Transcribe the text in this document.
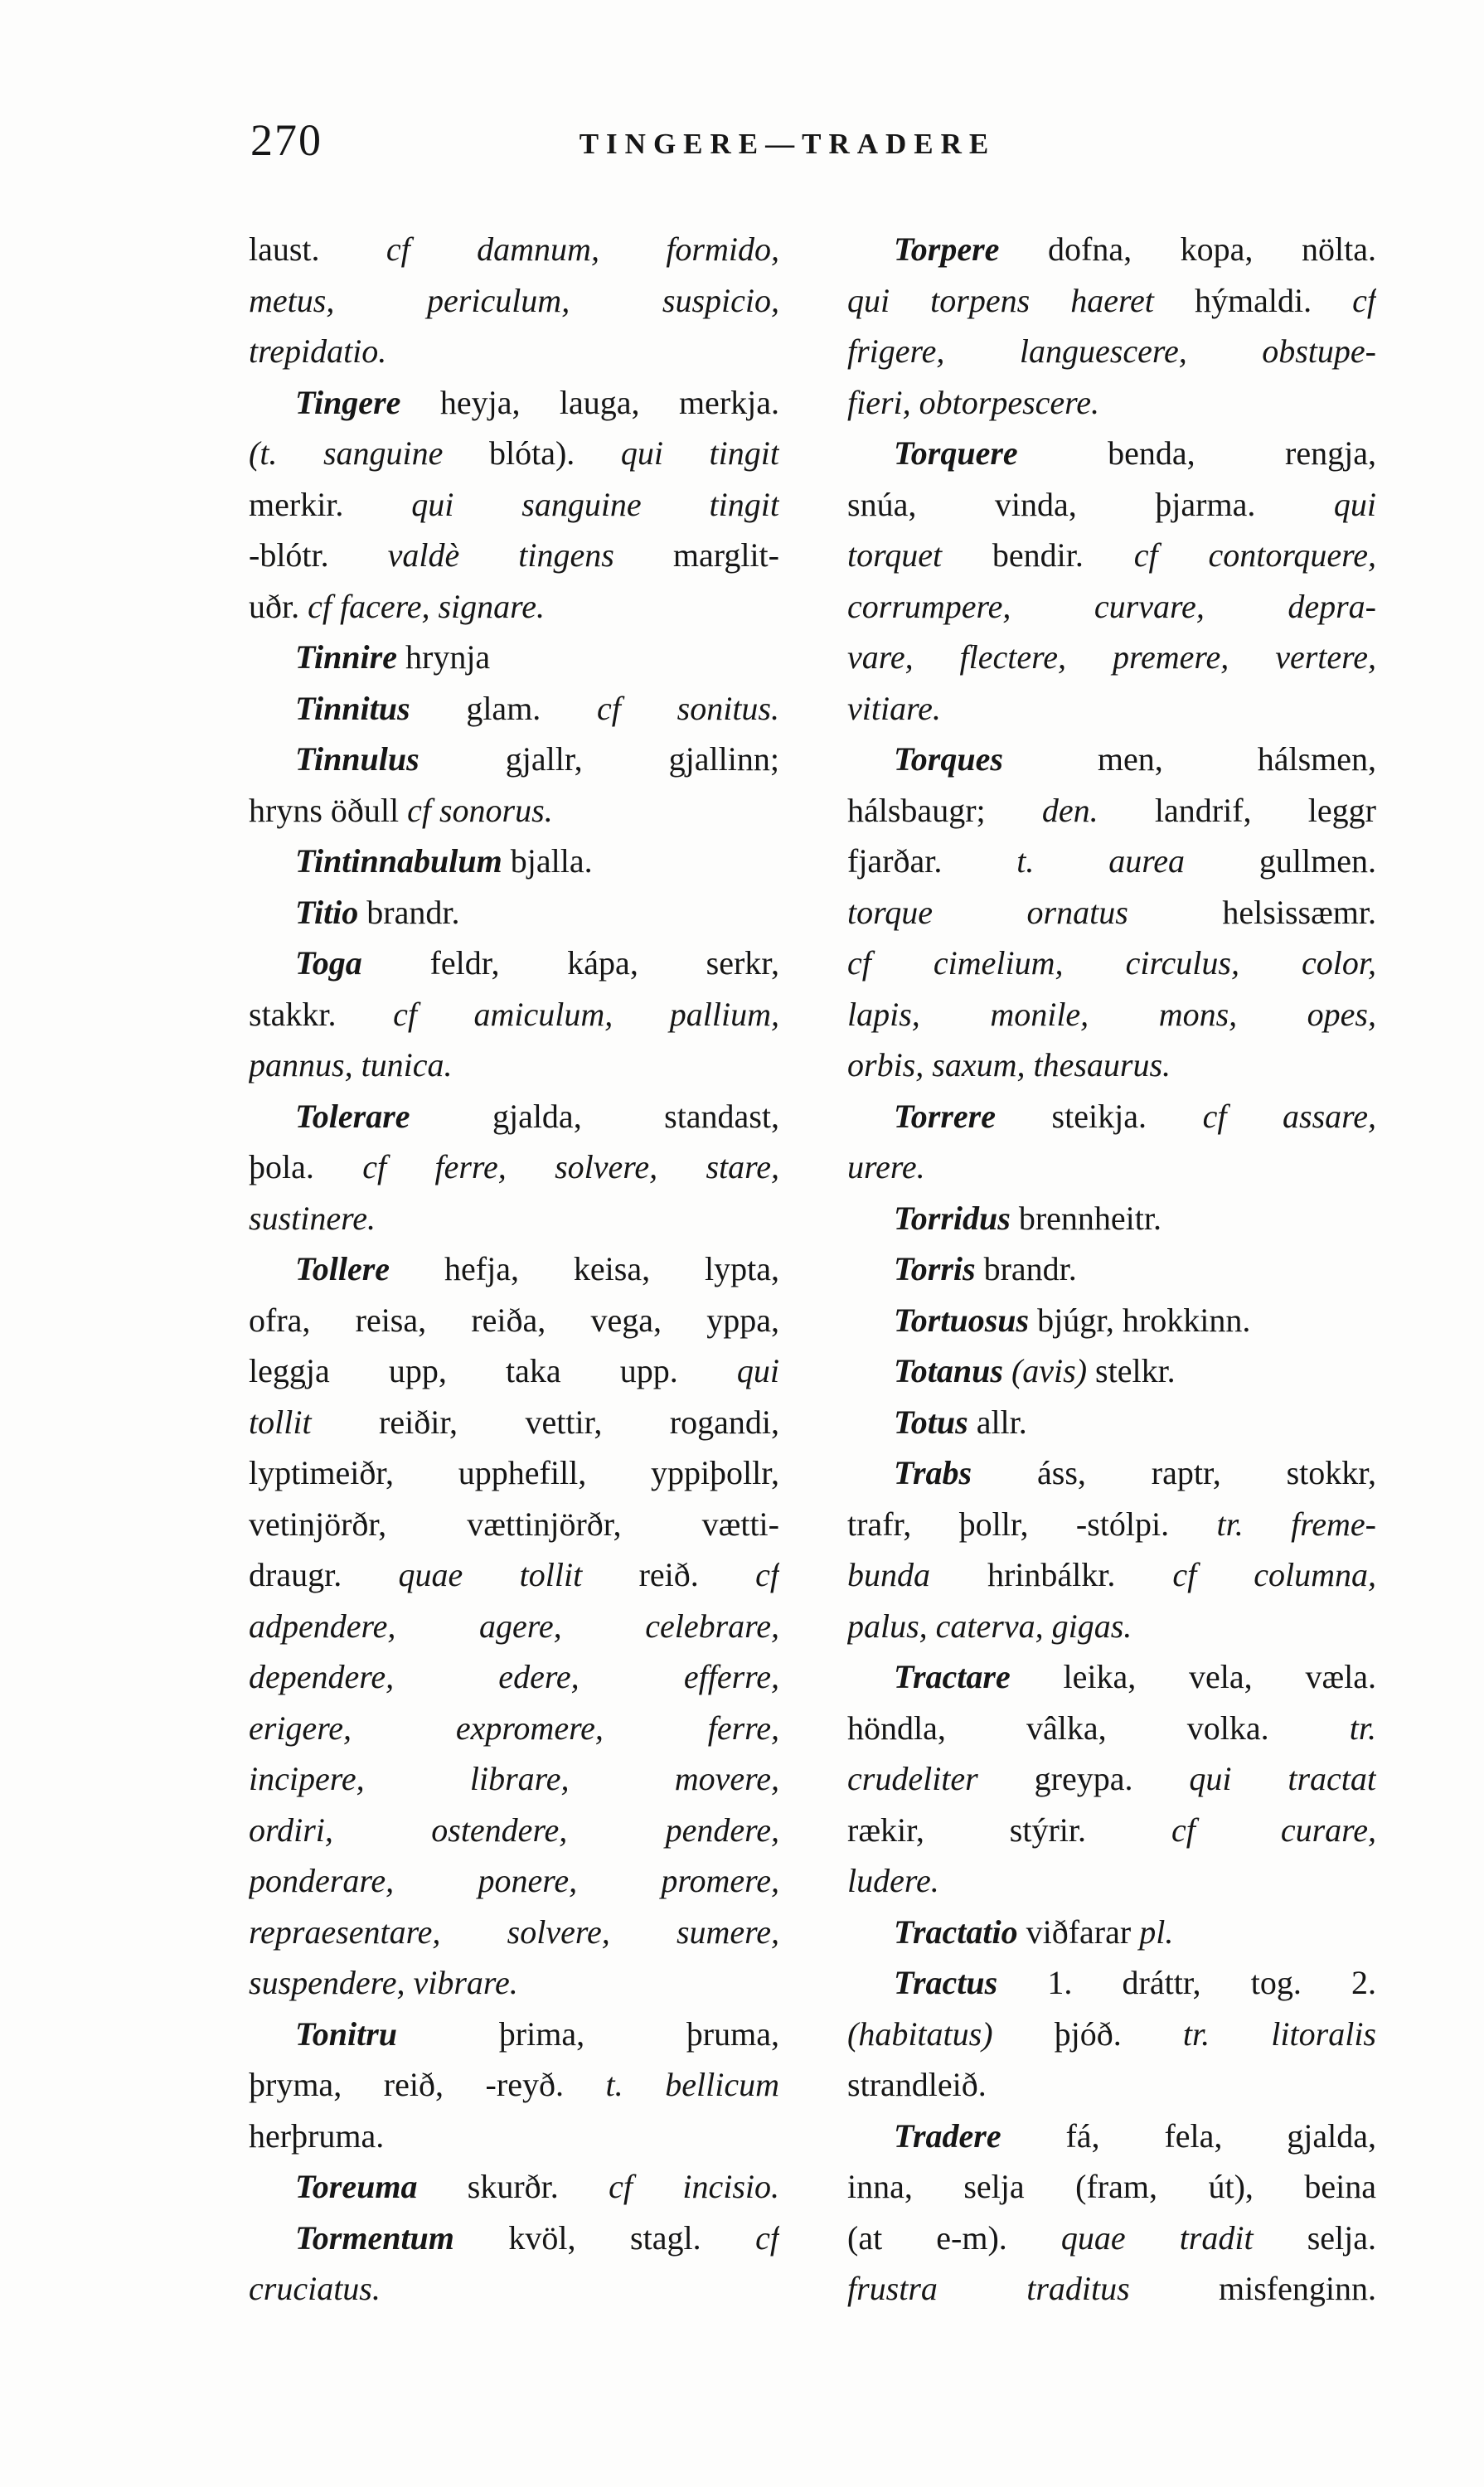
270	TINGERE—TRADERE
laust. cf damnum, formido,
metus, periculum, suspicio,
trepidatio.
Tingere heyja, lauga, merkja.
(t. sanguine blóta). qui tingit
merkir. qui sanguine tingit
-blótr. valdè tingens marglit-
uðr. cf facere, signare.
Tinnire hrynja
Tinnitus glam. cf sonitus.
Tinnulus gjallr, gjallinn;
hryns öðull cf sonorus.
Tintinnabulum bjalla.
Titio brandr.
Toga feldr, kápa, serkr,
stakkr. cf amiculum, pallium,
pannus, tunica.
Tolerare gjalda, standast,
þola. cf ferre, solvere, stare,
sustinere.
Tollere hefja, keisa, lypta,
ofra, reisa, reiða, vega, yppa,
leggja upp, taka upp. qui
tollit reiðir, vettir, rogandi,
lyptimeiðr, upphefill, yppiþollr,
vetinjörðr, vættinjörðr, vætti-
draugr. quae tollit reið. cf
adpendere, agere, celebrare,
dependere, edere, efferre,
erigere, expromere, ferre,
incipere, librare, movere,
ordiri, ostendere, pendere,
ponderare, ponere, promere,
repraesentare, solvere, sumere,
suspendere, vibrare.
Tonitru þrima, þruma,
þryma, reið, -reyð. t. bellicum
herþruma.
Toreuma skurðr. cf incisio.
Tormentum kvöl, stagl. cf
cruciatus.
Torpere dofna, kopa, nölta.
qui torpens haeret hýmaldi. cf
frigere, languescere, obstupe-
fieri, obtorpescere.
Torquere benda, rengja,
snúa, vinda, þjarma. qui
torquet bendir. cf contorquere,
corrumpere, curvare, depra-
vare, flectere, premere, vertere,
vitiare.
Torques men, hálsmen,
hálsbaugr; den. landrif, leggr
fjarðar. t. aurea gullmen.
torque ornatus helsissæmr.
cf cimelium, circulus, color,
lapis, monile, mons, opes,
orbis, saxum, thesaurus.
Torrere steikja. cf assare,
urere.
Torridus brennheitr.
Torris brandr.
Tortuosus bjúgr, hrokkinn.
Totanus (avis) stelkr.
Totus allr.
Trabs áss, raptr, stokkr,
trafr, þollr, -stólpi. tr. freme-
bunda hrinbálkr. cf columna,
palus, caterva, gigas.
Tractare leika, vela, væla.
höndla, vâlka, volka. tr.
crudeliter greypa. qui tractat
rækir, stýrir. cf curare,
ludere.
Tractatio viðfarar pl.
Tractus 1. dráttr, tog. 2.
(habitatus) þjóð. tr. litoralis
strandleið.
Tradere fá, fela, gjalda,
inna, selja (fram, út), beina
(at e-m). quae tradit selja.
frustra traditus misfenginn.
